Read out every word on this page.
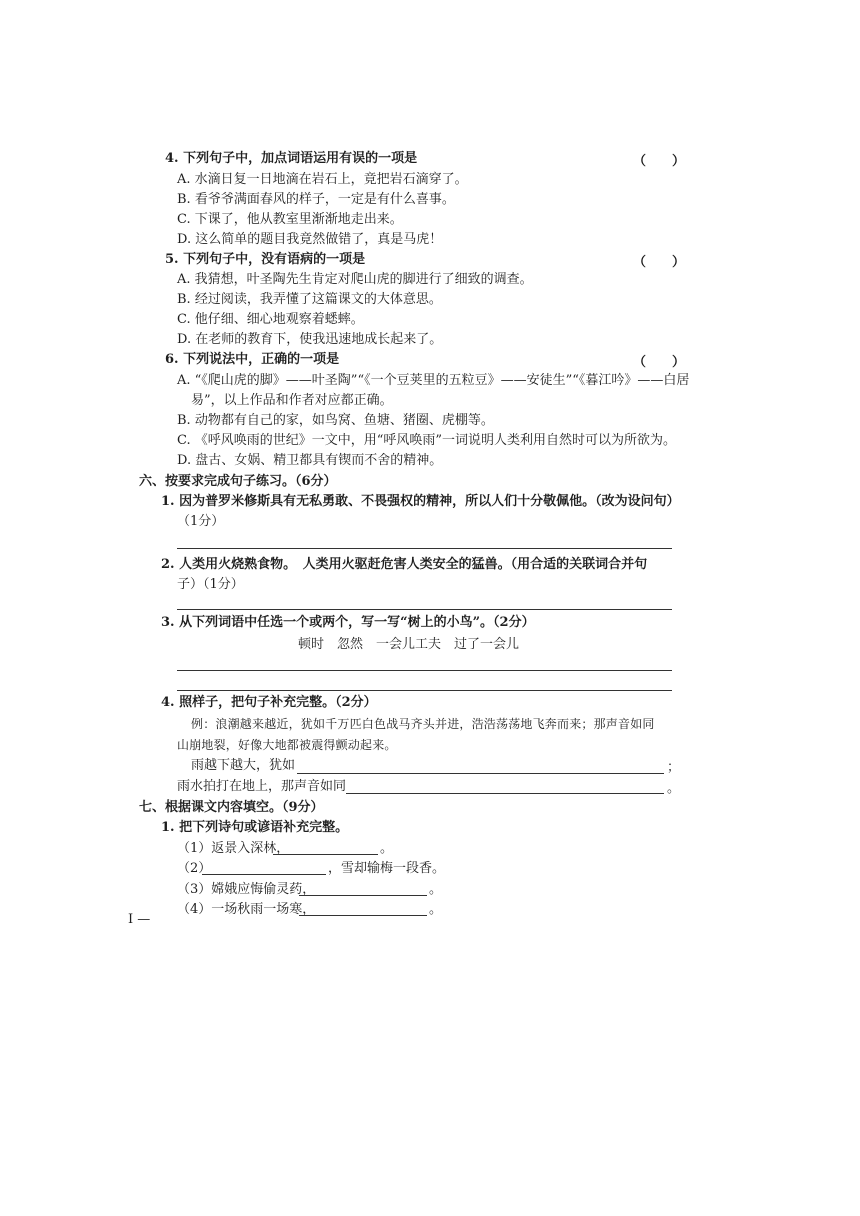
4. 下列句子中，加点词语运用有误的一项是	（　　）
A. 水滴日复一日地滴在岩石上，竟把岩石滴穿了。
B. 看爷爷满面春风的样子，一定是有什么喜事。
C. 下课了，他从教室里渐渐地走出来。
D. 这么简单的题目我竟然做错了，真是马虎！
5. 下列句子中，没有语病的一项是	（　　）
A. 我猜想，叶圣陶先生肯定对爬山虎的脚进行了细致的调查。
B. 经过阅读，我弄懂了这篇课文的大体意思。
C. 他仔细、细心地观察着蟋蟀。
D. 在老师的教育下，使我迅速地成长起来了。
6. 下列说法中，正确的一项是	（　　）
A. “《爬山虎的脚》——叶圣陶”“《一个豆荚里的五粒豆》——安徒生”“《暮江吟》——白居
易”，以上作品和作者对应都正确。
B. 动物都有自己的家，如鸟窝、鱼塘、猪圈、虎棚等。
C. 《呼风唤雨的世纪》一文中，用“呼风唤雨”一词说明人类利用自然时可以为所欲为。
D. 盘古、女娲、精卫都具有锲而不舍的精神。
六、按要求完成句子练习。（6分）
1. 因为普罗米修斯具有无私勇敢、不畏强权的精神，所以人们十分敬佩他。（改为设问句）
（1分）
2. 人类用火烧熟食物。　人类用火驱赶危害人类安全的猛兽。（用合适的关联词合并句
子）（1分）
3. 从下列词语中任选一个或两个，写一写“树上的小鸟”。（2分）
顿时　忽然　一会儿工夫　过了一会儿
4. 照样子，把句子补充完整。（2分）
例：浪潮越来越近，犹如千万匹白色战马齐头并进，浩浩荡荡地飞奔而来；那声音如同
山崩地裂，好像大地都被震得颤动起来。
雨越下越大，犹如	；
雨水拍打在地上，那声音如同	。
七、根据课文内容填空。（9分）
1. 把下列诗句或谚语补充完整。
（1）返景入深林，	。
（2）	，雪却输梅一段香。
（3）嫦娥应悔偷灵药，	。
（4）一场秋雨一场寒，	。
I —
